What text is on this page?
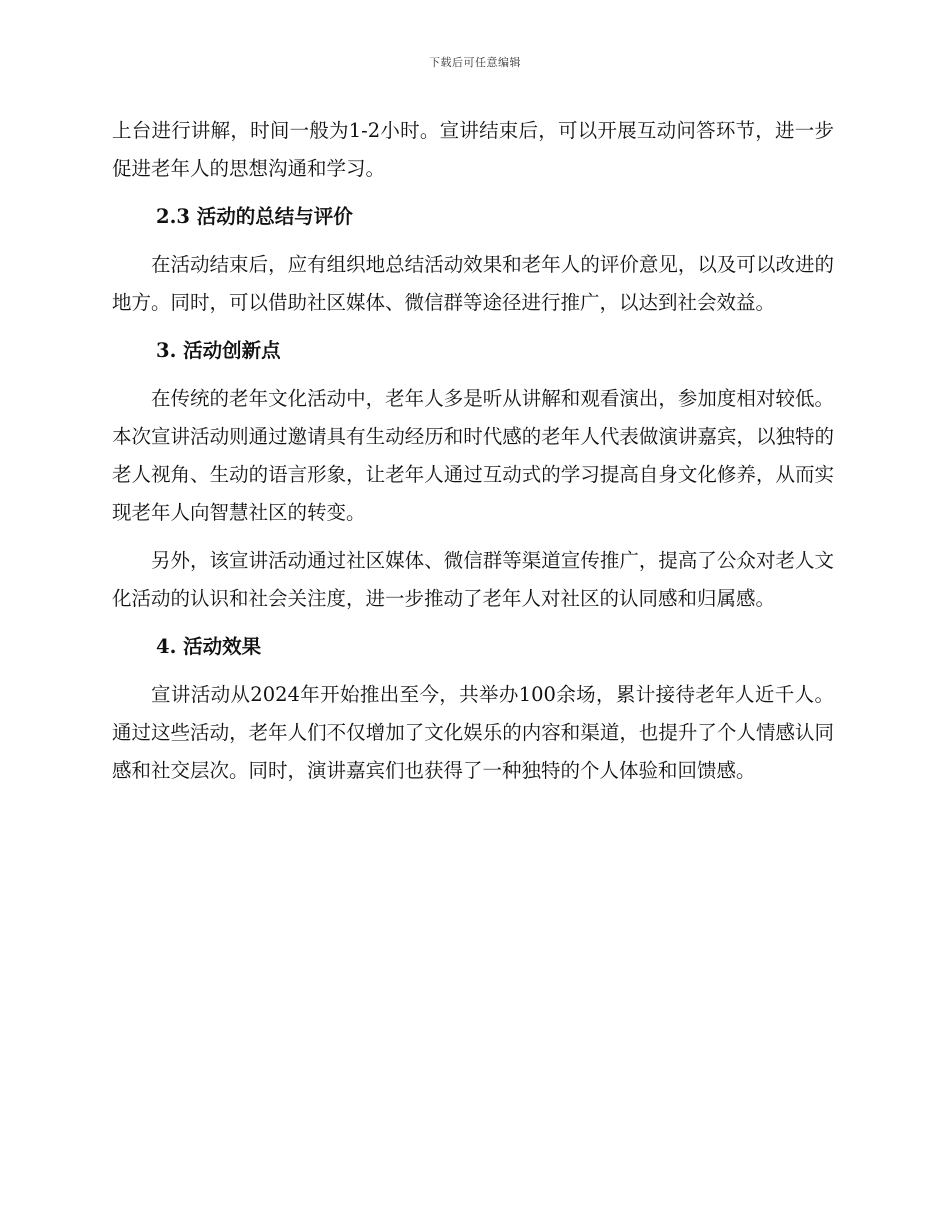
下载后可任意编辑

上台进行讲解，时间一般为1-2小时。宣讲结束后，可以开展互动问答环节，进一步促进老年人的思想沟通和学习。

2.3 活动的总结与评价

在活动结束后，应有组织地总结活动效果和老年人的评价意见，以及可以改进的地方。同时，可以借助社区媒体、微信群等途径进行推广，以达到社会效益。

3. 活动创新点

在传统的老年文化活动中，老年人多是听从讲解和观看演出，参加度相对较低。本次宣讲活动则通过邀请具有生动经历和时代感的老年人代表做演讲嘉宾，以独特的老人视角、生动的语言形象，让老年人通过互动式的学习提高自身文化修养，从而实现老年人向智慧社区的转变。

另外，该宣讲活动通过社区媒体、微信群等渠道宣传推广，提高了公众对老人文化活动的认识和社会关注度，进一步推动了老年人对社区的认同感和归属感。

4. 活动效果

宣讲活动从2024年开始推出至今，共举办100余场，累计接待老年人近千人。通过这些活动，老年人们不仅增加了文化娱乐的内容和渠道，也提升了个人情感认同感和社交层次。同时，演讲嘉宾们也获得了一种独特的个人体验和回馈感。
